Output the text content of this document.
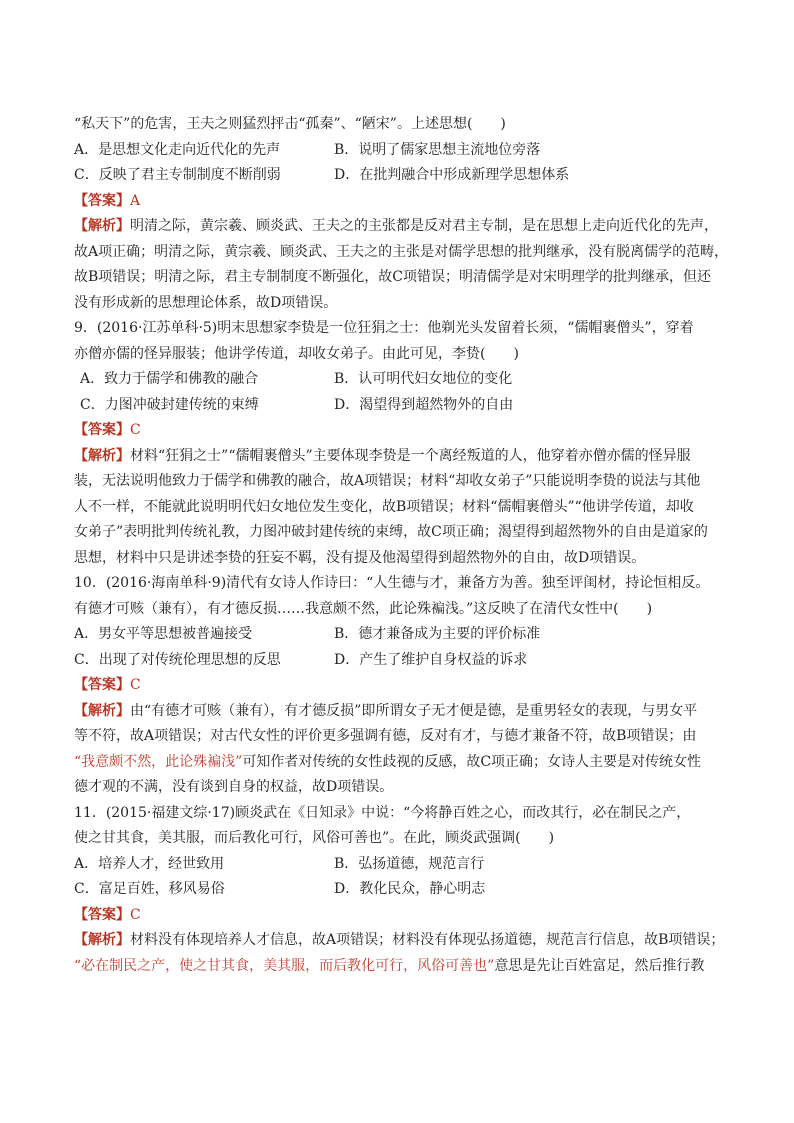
“私天下”的危害，王夫之则猛烈抨击“孤秦”、“陋宋”。上述思想(　　)

A．是思想文化走向近代化的先声	B．说明了儒家思想主流地位旁落
C．反映了君主专制制度不断削弱	D．在批判融合中形成新理学思想体系

【答案】A

【解析】明清之际，黄宗羲、顾炎武、王夫之的主张都是反对君主专制，是在思想上走向近代化的先声，

故A项正确；明清之际，黄宗羲、顾炎武、王夫之的主张是对儒学思想的批判继承，没有脱离儒学的范畴，

故B项错误；明清之际，君主专制制度不断强化，故C项错误；明清儒学是对宋明理学的批判继承，但还

没有形成新的思想理论体系，故D项错误。

9．(2016·江苏单科·5)明末思想家李贽是一位狂狷之士：他剃光头发留着长须，“儒帽裹僧头”，穿着

亦僧亦儒的怪异服装；他讲学传道，却收女弟子。由此可见，李贽(　　)

A．致力于儒学和佛教的融合	B．认可明代妇女地位的变化
C．力图冲破封建传统的束缚	D．渴望得到超然物外的自由

【答案】C

【解析】材料“狂狷之士”“儒帽裹僧头”主要体现李贽是一个离经叛道的人，他穿着亦僧亦儒的怪异服

装，无法说明他致力于儒学和佛教的融合，故A项错误；材料“却收女弟子”只能说明李贽的说法与其他

人不一样，不能就此说明明代妇女地位发生变化，故B项错误；材料“儒帽裹僧头”“他讲学传道，却收

女弟子”表明批判传统礼教，力图冲破封建传统的束缚，故C项正确；渴望得到超然物外的自由是道家的

思想，材料中只是讲述李贽的狂妄不羁，没有提及他渴望得到超然物外的自由，故D项错误。

10．(2016·海南单科·9)清代有女诗人作诗曰：“人生德与才，兼备方为善。独至评闺材，持论恒相反。

有德才可赅（兼有），有才德反损……我意颇不然，此论殊褊浅。”这反映了在清代女性中(　　)

A．男女平等思想被普遍接受	B．德才兼备成为主要的评价标准
C．出现了对传统伦理思想的反思	D．产生了维护自身权益的诉求

【答案】C

【解析】由“有德才可赅（兼有），有才德反损”即所谓女子无才便是德，是重男轻女的表现，与男女平

等不符，故A项错误；对古代女性的评价更多强调有德，反对有才，与德才兼备不符，故B项错误；由

“我意颇不然，此论殊褊浅”可知作者对传统的女性歧视的反感，故C项正确；女诗人主要是对传统女性

德才观的不满，没有谈到自身的权益，故D项错误。

11．(2015·福建文综·17)顾炎武在《日知录》中说：“今将静百姓之心，而改其行，必在制民之产，

使之甘其食，美其服，而后教化可行，风俗可善也”。在此，顾炎武强调(　　)

A．培养人才，经世致用	B．弘扬道德，规范言行
C．富足百姓，移风易俗	D．教化民众，静心明志

【答案】C

【解析】材料没有体现培养人才信息，故A项错误；材料没有体现弘扬道德，规范言行信息，故B项错误；

“必在制民之产，使之甘其食，美其服，而后教化可行，风俗可善也”意思是先让百姓富足，然后推行教
